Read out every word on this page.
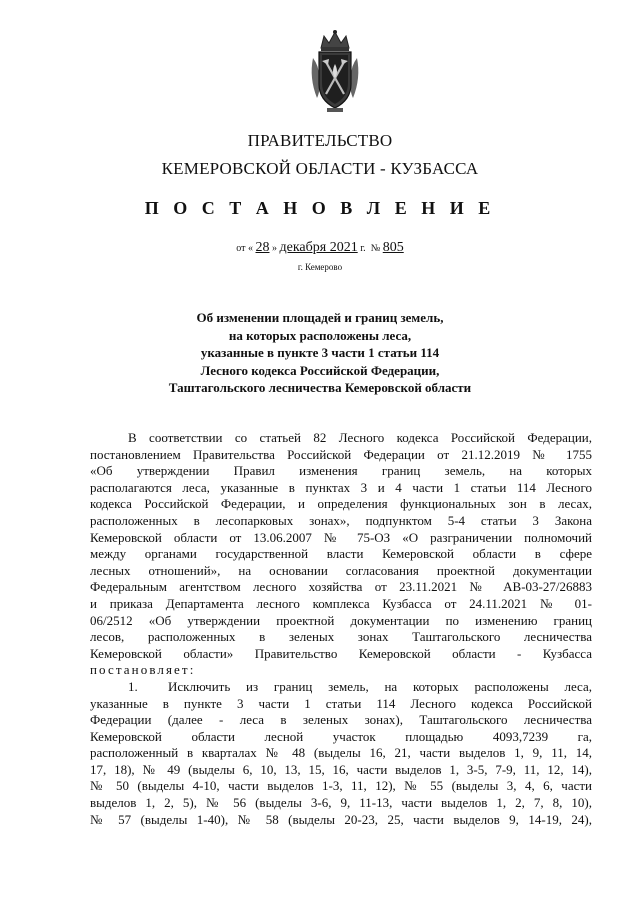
ПРАВИТЕЛЬСТВО
КЕМЕРОВСКОЙ ОБЛАСТИ - КУЗБАССА
П О С Т А Н О В Л Е Н И Е
от « 28 » декабря 2021 г. № 805
г. Кемерово
Об изменении площадей и границ земель,
на которых расположены леса,
указанные в пункте 3 части 1 статьи 114
Лесного кодекса Российской Федерации,
Таштагольского лесничества Кемеровской области
В соответствии со статьей 82 Лесного кодекса Российской Федерации,
постановлением Правительства Российской Федерации от 21.12.2019 № 1755
«Об утверждении Правил изменения границ земель, на которых
располагаются леса, указанные в пунктах 3 и 4 части 1 статьи 114 Лесного
кодекса Российской Федерации, и определения функциональных зон в лесах,
расположенных в лесопарковых зонах», подпунктом 5-4 статьи 3 Закона
Кемеровской области от 13.06.2007 № 75-ОЗ «О разграничении полномочий
между органами государственной власти Кемеровской области в сфере
лесных отношений», на основании согласования проектной документации
Федеральным агентством лесного хозяйства от 23.11.2021 № АВ-03-27/26883
и приказа Департамента лесного комплекса Кузбасса от 24.11.2021 № 01-
06/2512 «Об утверждении проектной документации по изменению границ
лесов, расположенных в зеленых зонах Таштагольского лесничества
Кемеровской области» Правительство Кемеровской области - Кузбасса
постановляет:
1. Исключить из границ земель, на которых расположены леса,
указанные в пункте 3 части 1 статьи 114 Лесного кодекса Российской
Федерации (далее - леса в зеленых зонах), Таштагольского лесничества
Кемеровской области лесной участок площадью 4093,7239 га,
расположенный в кварталах № 48 (выделы 16, 21, части выделов 1, 9, 11, 14,
17, 18), № 49 (выделы 6, 10, 13, 15, 16, части выделов 1, 3-5, 7-9, 11, 12, 14),
№ 50 (выделы 4-10, части выделов 1-3, 11, 12), № 55 (выделы 3, 4, 6, части
выделов 1, 2, 5), № 56 (выделы 3-6, 9, 11-13, части выделов 1, 2, 7, 8, 10),
№ 57 (выделы 1-40), № 58 (выделы 20-23, 25, части выделов 9, 14-19, 24),
